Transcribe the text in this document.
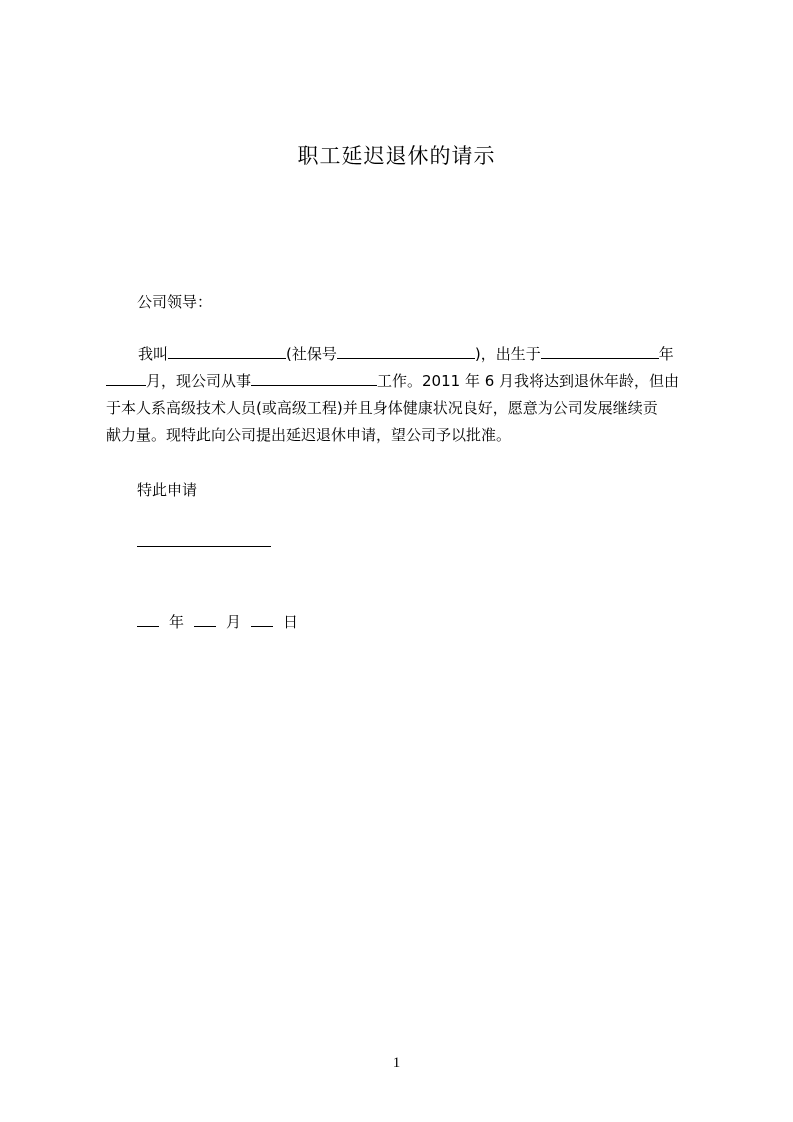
职工延迟退休的请示
公司领导：
我叫	(社保号	)，出生于	年
月，现公司从事	工作。2011 年 6 月我将达到退休年龄，但由
于本人系高级技术人员(或高级工程)并且身体健康状况良好，愿意为公司发展继续贡
献力量。现特此向公司提出延迟退休申请，望公司予以批准。
特此申请
年	月	日
1
